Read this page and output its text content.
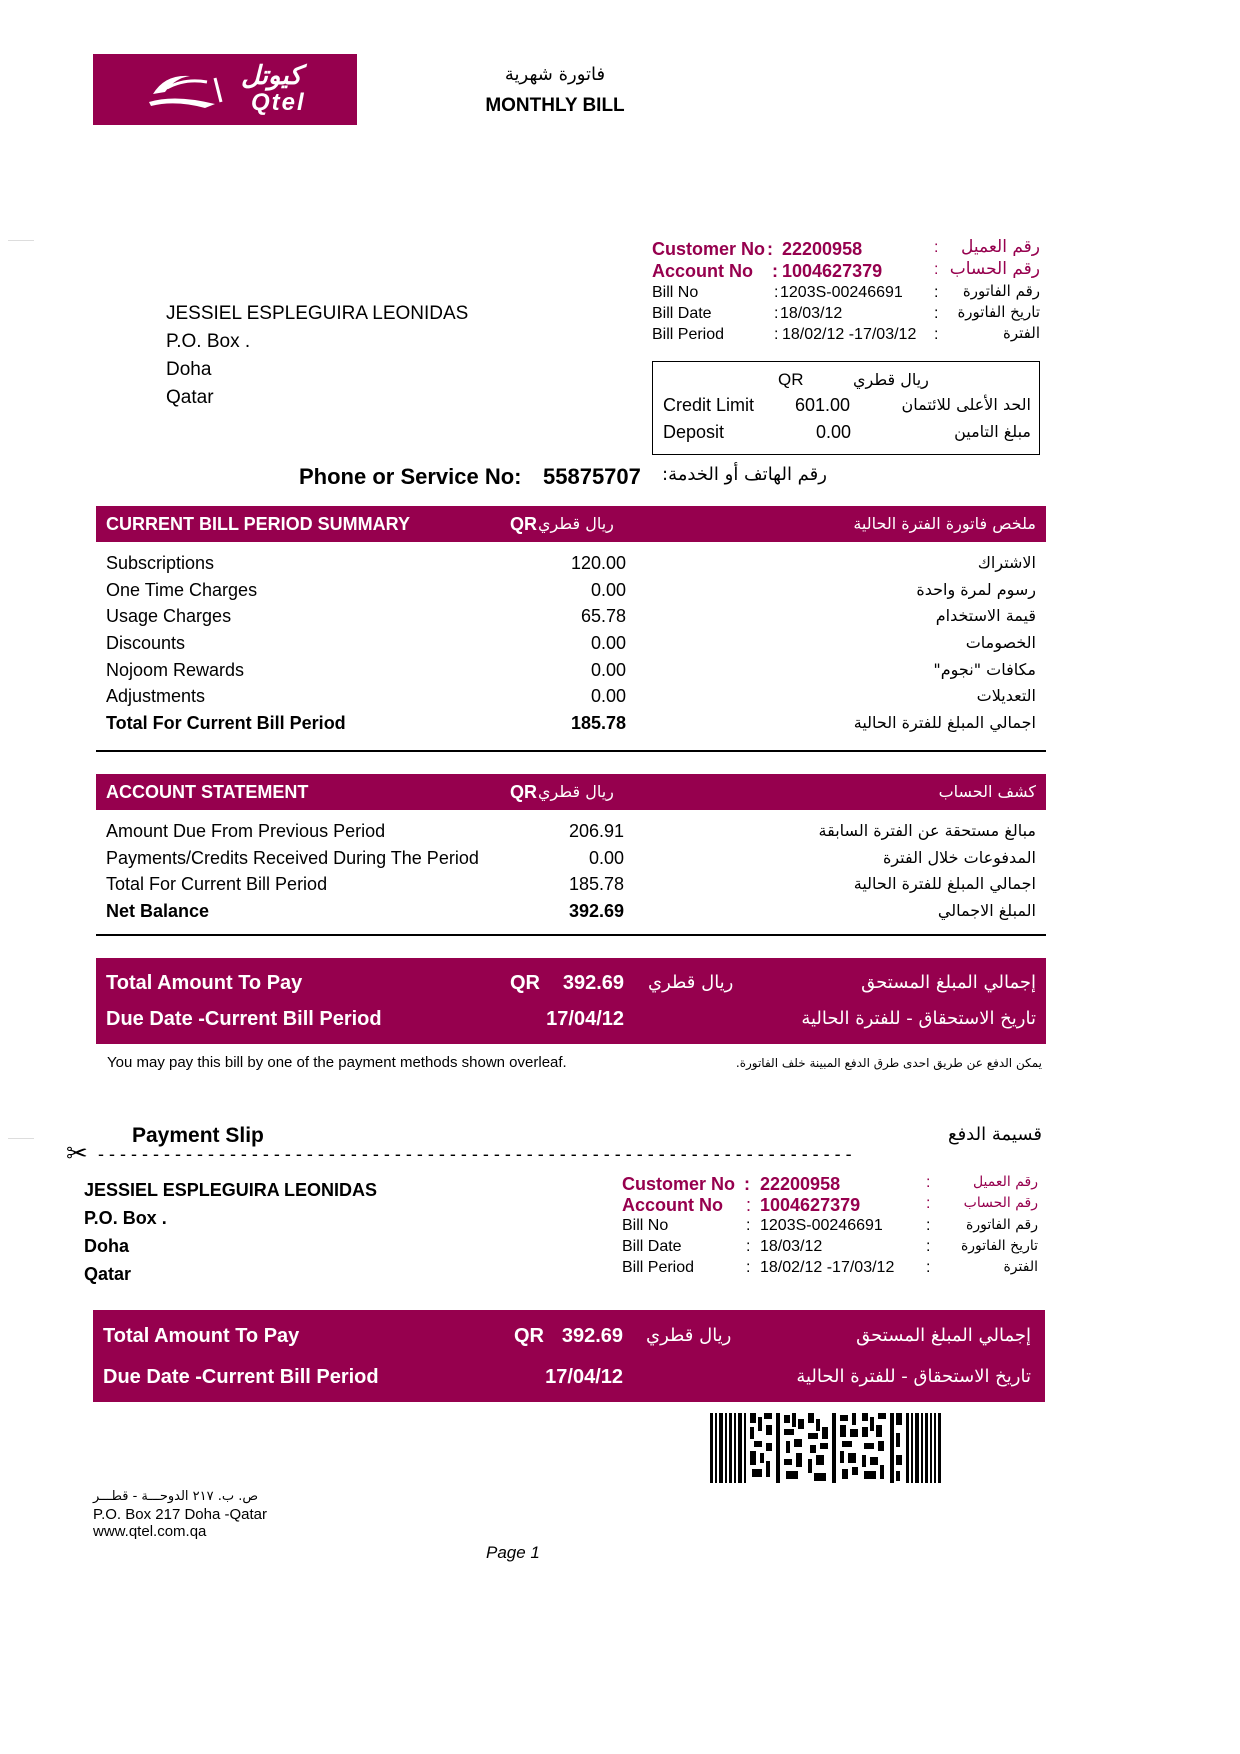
كيوتل
Qtel
فاتورة شهرية
MONTHLY BILL
JESSIEL ESPLEGUIRA LEONIDAS
P.O. Box .
Doha
Qatar
Customer No : 22200958	: رقم العميل
Account No : 1004627379	: رقم الحساب
Bill No	: 1203S-00246691 : رقم الفاتورة
Bill Date	: 18/03/12	: تاريخ الفاتورة
Bill Period	: 18/02/12 -17/03/12 :	الفترة
QR	ريال قطري
Credit Limit 601.00	الحد الأعلى للائتمان
Deposit	0.00	مبلغ التامين
Phone or Service No: 55875707 رقم الهاتف أو الخدمة:
CURRENT BILL PERIOD SUMMARY	QR ريال قطري	ملخص فاتورة الفترة الحالية
Subscriptions	120.00	الاشتراك
One Time Charges	0.00	رسوم لمرة واحدة
Usage Charges	65.78	قيمة الاستخدام
Discounts	0.00	الخصومات
Nojoom Rewards	0.00	مكافات "نجوم"
Adjustments	0.00	التعديلات
Total For Current Bill Period	185.78	اجمالي المبلغ للفترة الحالية
ACCOUNT STATEMENT	QR ريال قطري	كشف الحساب
Amount Due From Previous Period	206.91	مبالغ مستحقة عن الفترة السابقة
Payments/Credits Received During The Period	0.00	المدفوعات خلال الفترة
Total For Current Bill Period	185.78	اجمالي المبلغ للفترة الحالية
Net Balance	392.69	المبلغ الاجمالي
Total Amount To Pay	QR	392.69 ريال قطري	إجمالي المبلغ المستحق
Due Date -Current Bill Period	17/04/12	تاريخ الاستحقاق - للفترة الحالية
You may pay this bill by one of the payment methods shown overleaf.	يمكن الدفع عن طريق احدى طرق الدفع المبينة خلف الفاتورة.
Payment Slip	قسيمة الدفع
✂ - - - - - - - - - - - - - - - - - - - - - - - - - - - - - - - - - - - - - - - - - - - - - - - - - - - - - - - - - - - - - - - - - - - - -
JESSIEL ESPLEGUIRA LEONIDAS
P.O. Box .
Doha
Qatar
Customer No : 22200958	:	رقم العميل
Account No : 1004627379	: رقم الحساب
Bill No	: 1203S-00246691	:	رقم الفاتورة
Bill Date	: 18/03/12	: تاريخ الفاتورة
Bill Period	: 18/02/12 -17/03/12 :	الفترة
Total Amount To Pay	QR 392.69 ريال قطري	إجمالي المبلغ المستحق
Due Date -Current Bill Period	17/04/12	تاريخ الاستحقاق - للفترة الحالية
ص. ب. ٢١٧ الدوحـــة - قطـــر
P.O. Box 217 Doha -Qatar
www.qtel.com.qa
Page 1
